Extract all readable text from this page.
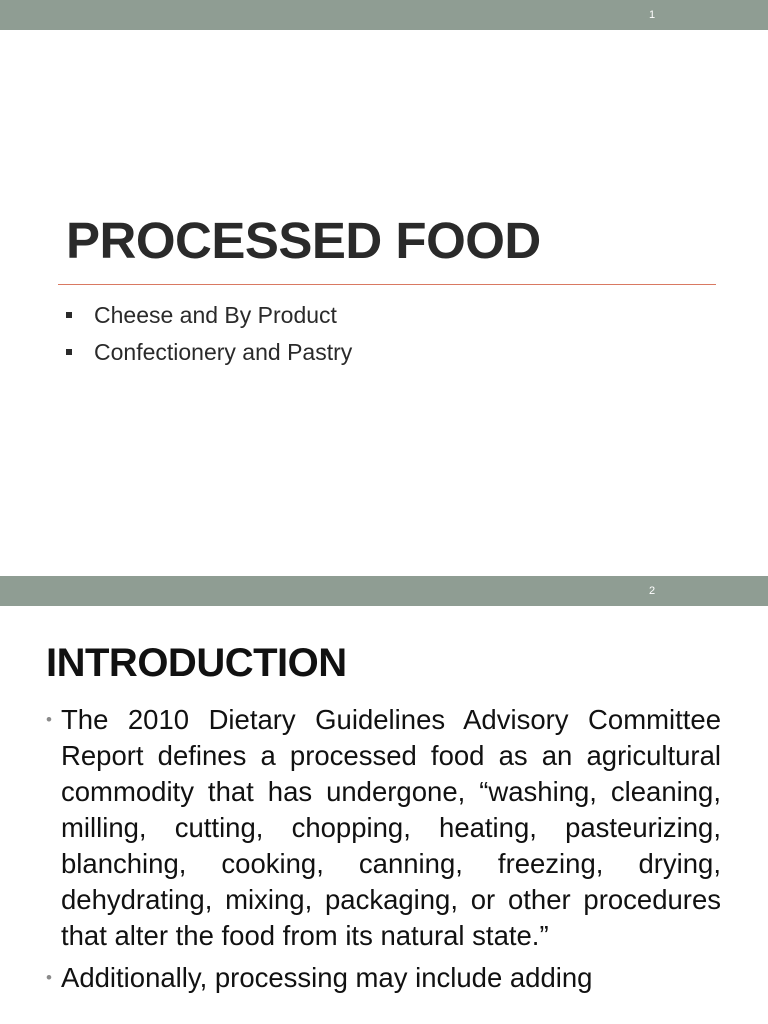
1
PROCESSED FOOD
Cheese and By Product
Confectionery and Pastry
2
INTRODUCTION
• The 2010 Dietary Guidelines Advisory Committee Report defines a processed food as an agricultural commodity that has undergone, “washing, cleaning, milling, cutting, chopping, heating, pasteurizing, blanching, cooking, canning, freezing, drying, dehydrating, mixing, packaging, or other procedures that alter the food from its natural state.”
• Additionally, processing may include adding
